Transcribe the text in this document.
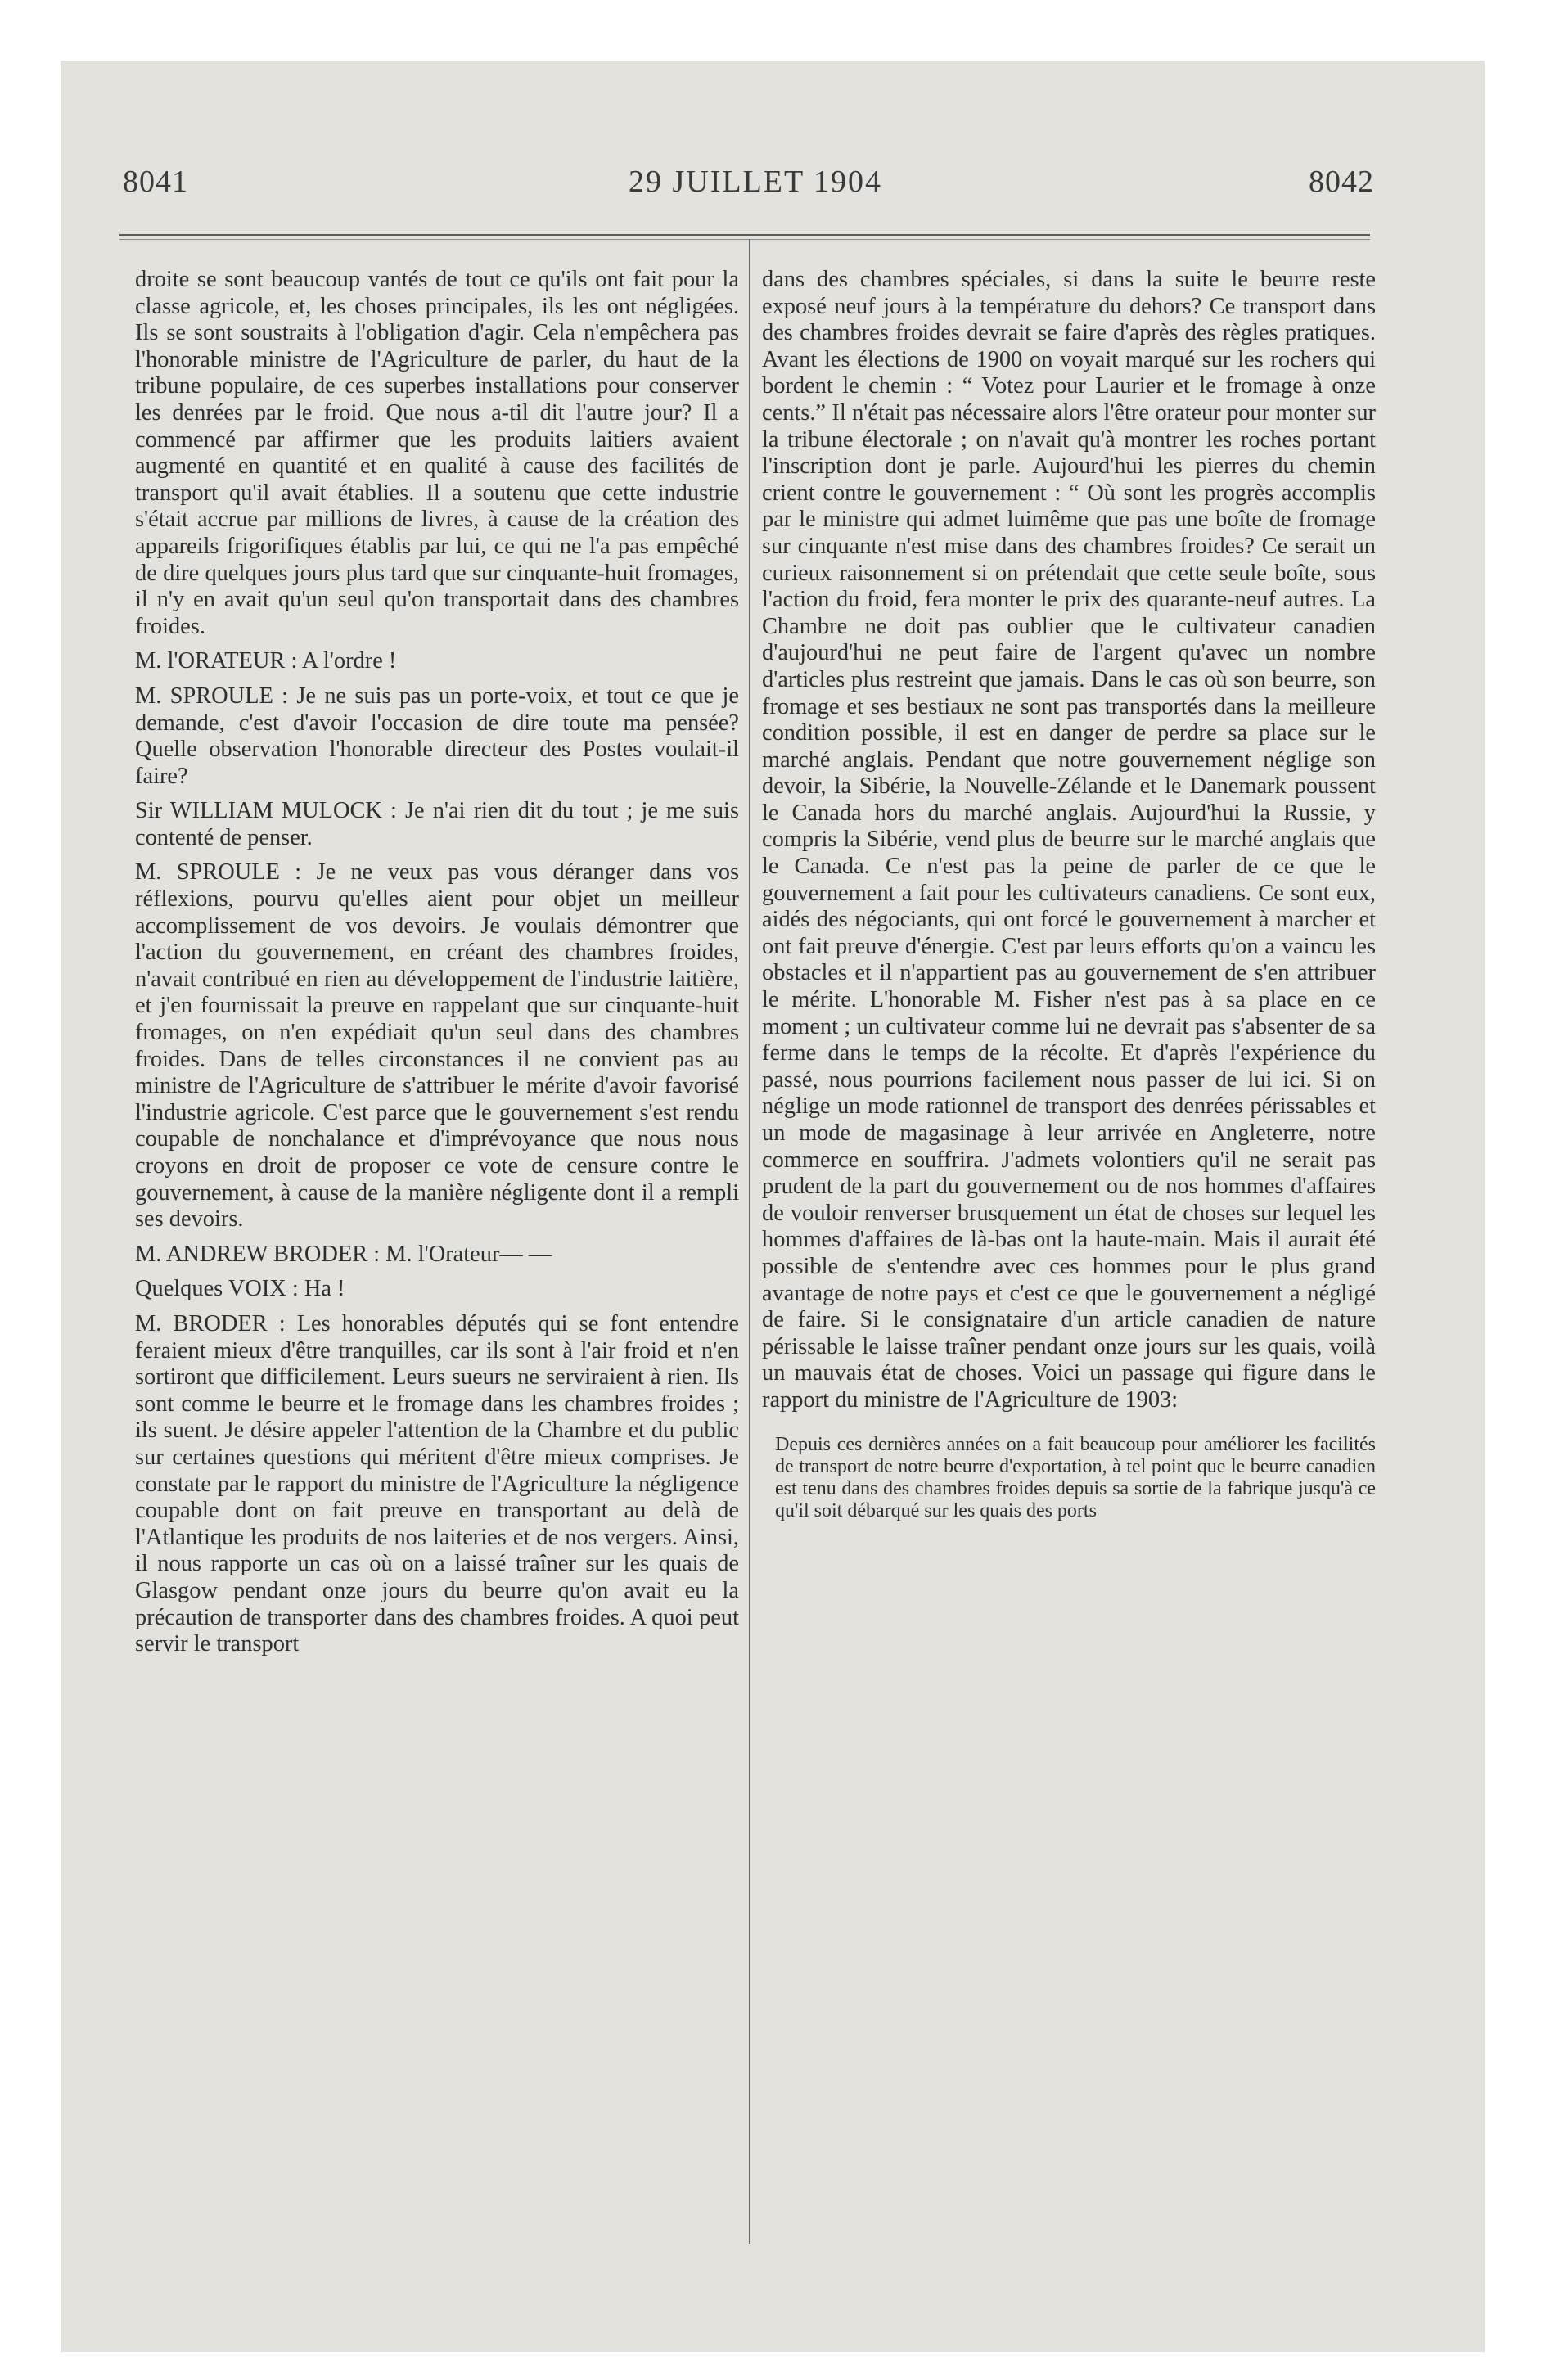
8041	29 JUILLET 1904	8042

droite se sont beaucoup vantés de tout ce qu'ils ont fait pour la classe agricole, et, les choses principales, ils les ont négligées. Ils se sont soustraits à l'obligation d'agir. Cela n'empêchera pas l'honorable ministre de l'Agriculture de parler, du haut de la tribune populaire, de ces superbes installations pour conserver les denrées par le froid. Que nous a-til dit l'autre jour? Il a commencé par affirmer que les produits laitiers avaient augmenté en quantité et en qualité à cause des facilités de transport qu'il avait établies. Il a soutenu que cette industrie s'était accrue par millions de livres, à cause de la création des appareils frigorifiques établis par lui, ce qui ne l'a pas empêché de dire quelques jours plus tard que sur cinquante-huit fromages, il n'y en avait qu'un seul qu'on transportait dans des chambres froides.

M. l'ORATEUR : A l'ordre !

M. SPROULE : Je ne suis pas un porte-voix, et tout ce que je demande, c'est d'avoir l'occasion de dire toute ma pensée? Quelle observation l'honorable directeur des Postes voulait-il faire?

Sir WILLIAM MULOCK : Je n'ai rien dit du tout ; je me suis contenté de penser.

M. SPROULE : Je ne veux pas vous déranger dans vos réflexions, pourvu qu'elles aient pour objet un meilleur accomplissement de vos devoirs. Je voulais démontrer que l'action du gouvernement, en créant des chambres froides, n'avait contribué en rien au développement de l'industrie laitière, et j'en fournissait la preuve en rappelant que sur cinquante-huit fromages, on n'en expédiait qu'un seul dans des chambres froides. Dans de telles circonstances il ne convient pas au ministre de l'Agriculture de s'attribuer le mérite d'avoir favorisé l'industrie agricole. C'est parce que le gouvernement s'est rendu coupable de nonchalance et d'imprévoyance que nous nous croyons en droit de proposer ce vote de censure contre le gouvernement, à cause de la manière négligente dont il a rempli ses devoirs.

M. ANDREW BRODER : M. l'Orateur— —

Quelques VOIX : Ha !

M. BRODER : Les honorables députés qui se font entendre feraient mieux d'être tranquilles, car ils sont à l'air froid et n'en sortiront que difficilement. Leurs sueurs ne serviraient à rien. Ils sont comme le beurre et le fromage dans les chambres froides ; ils suent. Je désire appeler l'attention de la Chambre et du public sur certaines questions qui méritent d'être mieux comprises. Je constate par le rapport du ministre de l'Agriculture la négligence coupable dont on fait preuve en transportant au delà de l'Atlantique les produits de nos laiteries et de nos vergers. Ainsi, il nous rapporte un cas où on a laissé traîner sur les quais de Glasgow pendant onze jours du beurre qu'on avait eu la précaution de transporter dans des chambres froides. A quoi peut servir le transport

dans des chambres spéciales, si dans la suite le beurre reste exposé neuf jours à la température du dehors? Ce transport dans des chambres froides devrait se faire d'après des règles pratiques. Avant les élections de 1900 on voyait marqué sur les rochers qui bordent le chemin : “ Votez pour Laurier et le fromage à onze cents.” Il n'était pas nécessaire alors l'être orateur pour monter sur la tribune électorale ; on n'avait qu'à montrer les roches portant l'inscription dont je parle. Aujourd'hui les pierres du chemin crient contre le gouvernement : “ Où sont les progrès accomplis par le ministre qui admet luimême que pas une boîte de fromage sur cinquante n'est mise dans des chambres froides? Ce serait un curieux raisonnement si on prétendait que cette seule boîte, sous l'action du froid, fera monter le prix des quarante-neuf autres. La Chambre ne doit pas oublier que le cultivateur canadien d'aujourd'hui ne peut faire de l'argent qu'avec un nombre d'articles plus restreint que jamais. Dans le cas où son beurre, son fromage et ses bestiaux ne sont pas transportés dans la meilleure condition possible, il est en danger de perdre sa place sur le marché anglais. Pendant que notre gouvernement néglige son devoir, la Sibérie, la Nouvelle-Zélande et le Danemark poussent le Canada hors du marché anglais. Aujourd'hui la Russie, y compris la Sibérie, vend plus de beurre sur le marché anglais que le Canada. Ce n'est pas la peine de parler de ce que le gouvernement a fait pour les cultivateurs canadiens. Ce sont eux, aidés des négociants, qui ont forcé le gouvernement à marcher et ont fait preuve d'énergie. C'est par leurs efforts qu'on a vaincu les obstacles et il n'appartient pas au gouvernement de s'en attribuer le mérite. L'honorable M. Fisher n'est pas à sa place en ce moment ; un cultivateur comme lui ne devrait pas s'absenter de sa ferme dans le temps de la récolte. Et d'après l'expérience du passé, nous pourrions facilement nous passer de lui ici. Si on néglige un mode rationnel de transport des denrées périssables et un mode de magasinage à leur arrivée en Angleterre, notre commerce en souffrira. J'admets volontiers qu'il ne serait pas prudent de la part du gouvernement ou de nos hommes d'affaires de vouloir renverser brusquement un état de choses sur lequel les hommes d'affaires de là-bas ont la haute-main. Mais il aurait été possible de s'entendre avec ces hommes pour le plus grand avantage de notre pays et c'est ce que le gouvernement a négligé de faire. Si le consignataire d'un article canadien de nature périssable le laisse traîner pendant onze jours sur les quais, voilà un mauvais état de choses. Voici un passage qui figure dans le rapport du ministre de l'Agriculture de 1903:

Depuis ces dernières années on a fait beaucoup pour améliorer les facilités de transport de notre beurre d'exportation, à tel point que le beurre canadien est tenu dans des chambres froides depuis sa sortie de la fabrique jusqu'à ce qu'il soit débarqué sur les quais des ports
